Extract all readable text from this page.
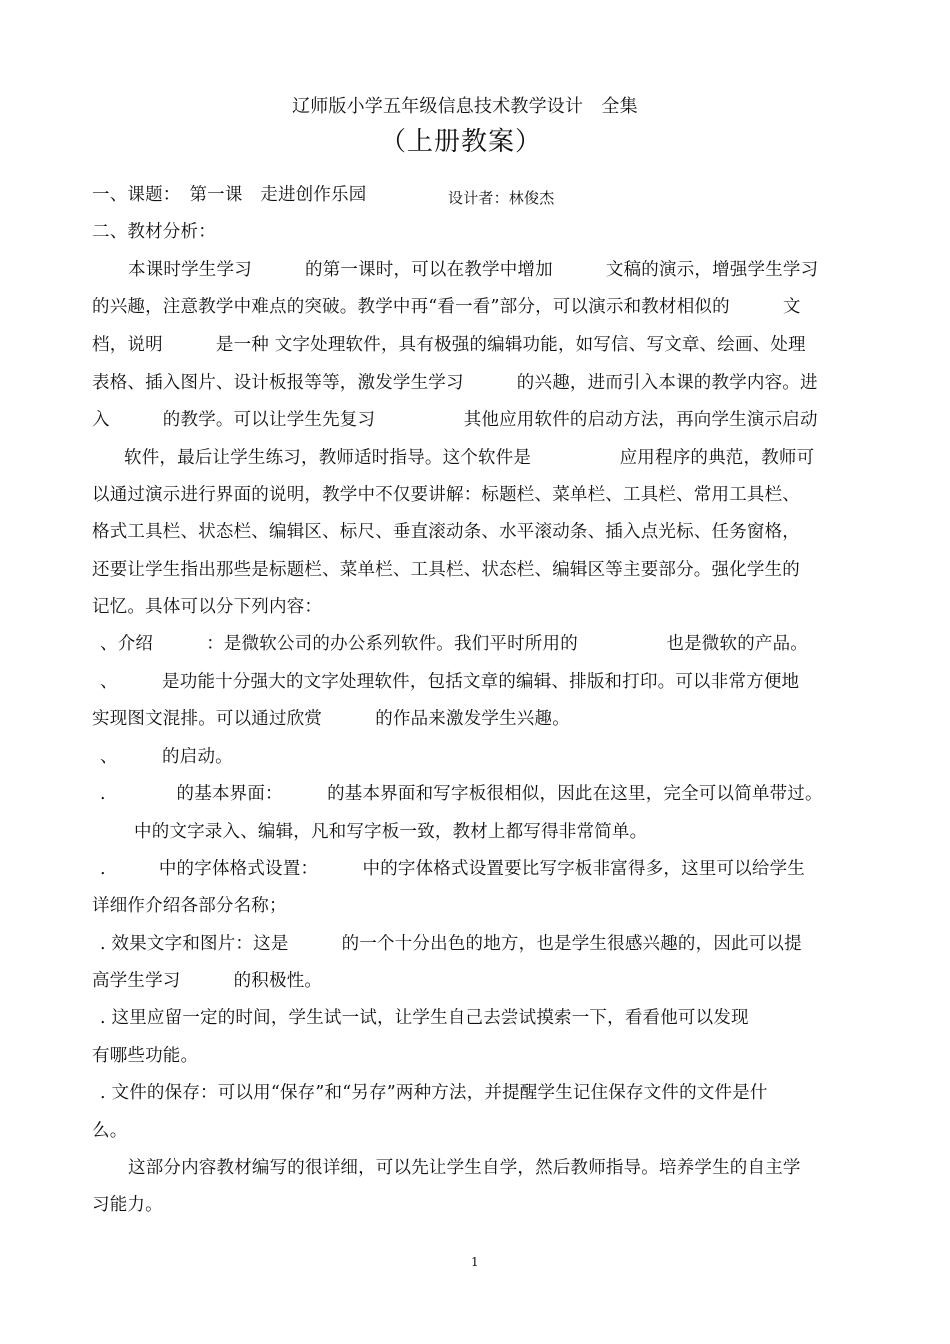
辽师版小学五年级信息技术教学设计　全集
（上册教案）
一、课题：　第一课　走进创作乐园	设计者：林俊杰
二、教材分析：
本课时学生学习　　　的第一课时，可以在教学中增加　　　文稿的演示，增强学生学习
的兴趣，注意教学中难点的突破。教学中再“看一看”部分，可以演示和教材相似的　　　文
档，说明　　　是一种 文字处理软件，具有极强的编辑功能，如写信、写文章、绘画、处理
表格、插入图片、设计板报等等，激发学生学习　　　的兴趣，进而引入本课的教学内容。进
入　　　的教学。可以让学生先复习　　　　　其他应用软件的启动方法，再向学生演示启动
软件，最后让学生练习，教师适时指导。这个软件是　　　　　应用程序的典范，教师可
以通过演示进行界面的说明，教学中不仅要讲解：标题栏、菜单栏、工具栏、常用工具栏、
格式工具栏、状态栏、编辑区、标尺、垂直滚动条、水平滚动条、插入点光标、任务窗格，
还要让学生指出那些是标题栏、菜单栏、工具栏、状态栏、编辑区等主要部分。强化学生的
记忆。具体可以分下列内容：
、介绍　　　：是微软公司的办公系列软件。我们平时所用的　　　　　也是微软的产品。
、　　　是功能十分强大的文字处理软件，包括文章的编辑、排版和打印。可以非常方便地
实现图文混排。可以通过欣赏　　　的作品来激发学生兴趣。
、　　　的启动。
.　　　　的基本界面：　　　的基本界面和写字板很相似，因此在这里，完全可以简单带过。
中的文字录入、编辑，凡和写字板一致，教材上都写得非常简单。
.　　　中的字体格式设置：　　　中的字体格式设置要比写字板非富得多，这里可以给学生
详细作介绍各部分名称；
. 效果文字和图片：这是　　　的一个十分出色的地方，也是学生很感兴趣的，因此可以提
高学生学习　　　的积极性。
. 这里应留一定的时间，学生试一试，让学生自己去尝试摸索一下，看看他可以发现
有哪些功能。
. 文件的保存：可以用“保存”和“另存”两种方法，并提醒学生记住保存文件的文件是什
么。
这部分内容教材编写的很详细，可以先让学生自学，然后教师指导。培养学生的自主学
习能力。
1
